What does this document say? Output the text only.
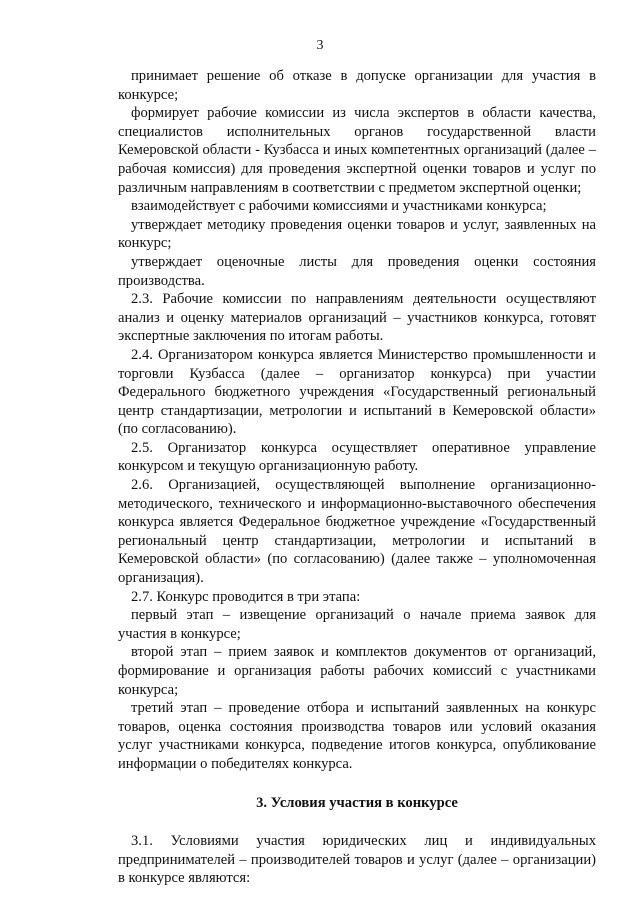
3

принимает решение об отказе в допуске организации для участия в конкурсе;

формирует рабочие комиссии из числа экспертов в области качества, специалистов исполнительных органов государственной власти Кемеровской области - Кузбасса и иных компетентных организаций (далее – рабочая комиссия) для проведения экспертной оценки товаров и услуг по различным направлениям в соответствии с предметом экспертной оценки;

взаимодействует с рабочими комиссиями и участниками конкурса;

утверждает методику проведения оценки товаров и услуг, заявленных на конкурс;

утверждает оценочные листы для проведения оценки состояния производства.

2.3. Рабочие комиссии по направлениям деятельности осуществляют анализ и оценку материалов организаций – участников конкурса, готовят экспертные заключения по итогам работы.

2.4. Организатором конкурса является Министерство промышленности и торговли Кузбасса (далее – организатор конкурса) при участии Федерального бюджетного учреждения «Государственный региональный центр стандартизации, метрологии и испытаний в Кемеровской области» (по согласованию).

2.5. Организатор конкурса осуществляет оперативное управление конкурсом и текущую организационную работу.

2.6. Организацией, осуществляющей выполнение организационно-методического, технического и информационно-выставочного обеспечения конкурса является Федеральное бюджетное учреждение «Государственный региональный центр стандартизации, метрологии и испытаний в Кемеровской области» (по согласованию) (далее также – уполномоченная организация).

2.7. Конкурс проводится в три этапа:

первый этап – извещение организаций о начале приема заявок для участия в конкурсе;

второй этап – прием заявок и комплектов документов от организаций, формирование и организация работы рабочих комиссий с участниками конкурса;

третий этап – проведение отбора и испытаний заявленных на конкурс товаров, оценка состояния производства товаров или условий оказания услуг участниками конкурса, подведение итогов конкурса, опубликование информации о победителях конкурса.

3. Условия участия в конкурсе

3.1. Условиями участия юридических лиц и индивидуальных предпринимателей – производителей товаров и услуг (далее – организации) в конкурсе являются:
